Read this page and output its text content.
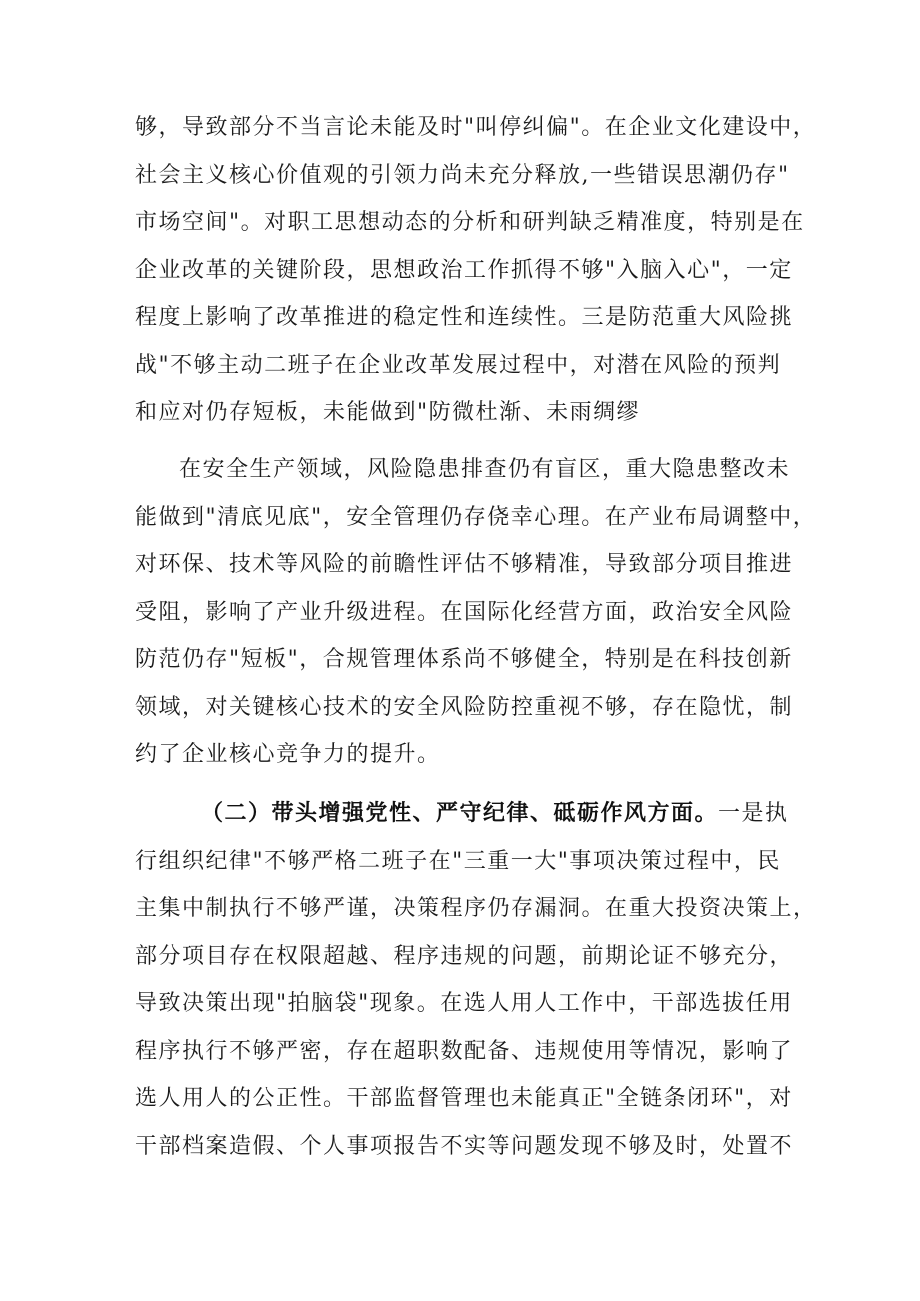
够，导致部分不当言论未能及时"叫停纠偏"。在企业文化建设中，
社会主义核心价值观的引领力尚未充分释放,一些错误思潮仍存"
市场空间"。对职工思想动态的分析和研判缺乏精准度，特别是在
企业改革的关键阶段，思想政治工作抓得不够"入脑入心"，一定
程度上影响了改革推进的稳定性和连续性。三是防范重大风险挑
战"不够主动二班子在企业改革发展过程中，对潜在风险的预判
和应对仍存短板，未能做到"防微杜渐、未雨绸缪
在安全生产领域，风险隐患排查仍有盲区，重大隐患整改未
能做到"清底见底"，安全管理仍存侥幸心理。在产业布局调整中，
对环保、技术等风险的前瞻性评估不够精准，导致部分项目推进
受阻，影响了产业升级进程。在国际化经营方面，政治安全风险
防范仍存"短板"，合规管理体系尚不够健全，特别是在科技创新
领域，对关键核心技术的安全风险防控重视不够，存在隐忧，制
约了企业核心竞争力的提升。
（二）带头增强党性、严守纪律、砥砺作风方面。一是执
行组织纪律"不够严格二班子在"三重一大"事项决策过程中，民
主集中制执行不够严谨，决策程序仍存漏洞。在重大投资决策上，
部分项目存在权限超越、程序违规的问题，前期论证不够充分，
导致决策出现"拍脑袋"现象。在选人用人工作中，干部选拔任用
程序执行不够严密，存在超职数配备、违规使用等情况，影响了
选人用人的公正性。干部监督管理也未能真正"全链条闭环"，对
干部档案造假、个人事项报告不实等问题发现不够及时，处置不
